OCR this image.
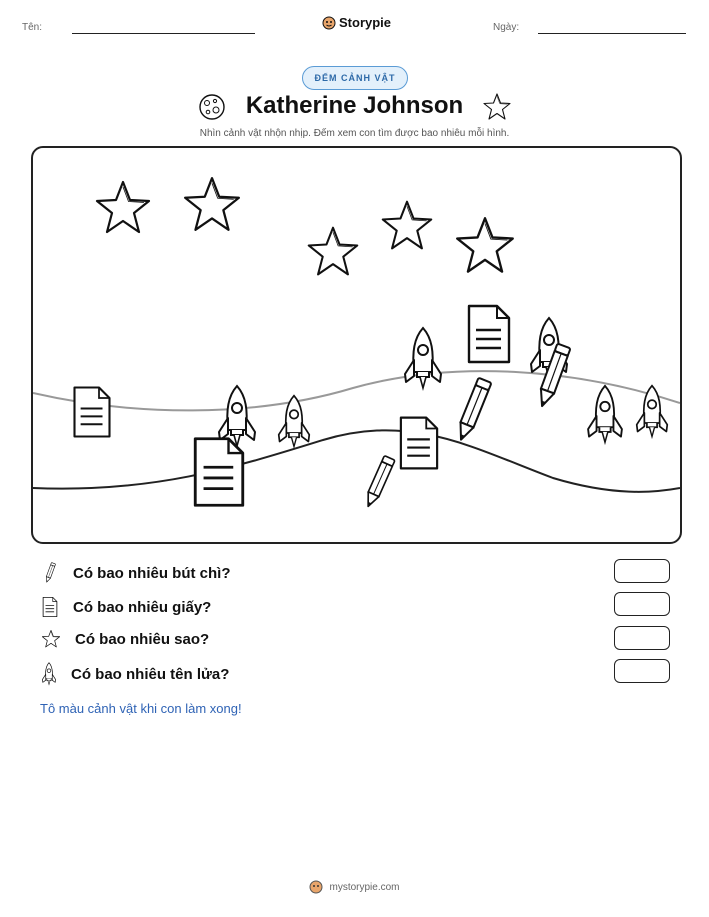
Tên:	Storypie	Ngày:
ĐẾM CẢNH VẬT
Katherine Johnson
Nhìn cảnh vật nhộn nhịp. Đếm xem con tìm được bao nhiêu mỗi hình.
Có bao nhiêu bút chì?
Có bao nhiêu giấy?
Có bao nhiêu sao?
Có bao nhiêu tên lửa?
Tô màu cảnh vật khi con làm xong!
mystorypie.com
